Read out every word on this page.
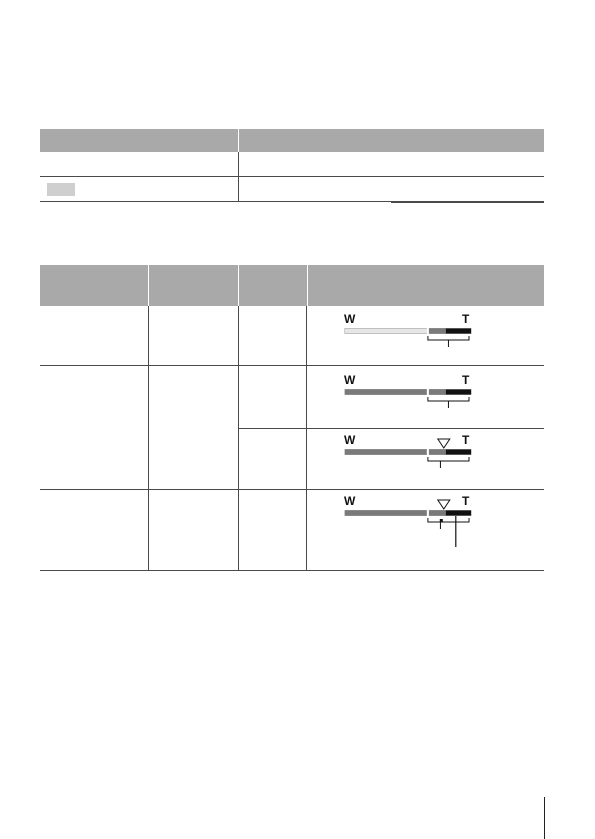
W	T
W	T
W	T
W	T
